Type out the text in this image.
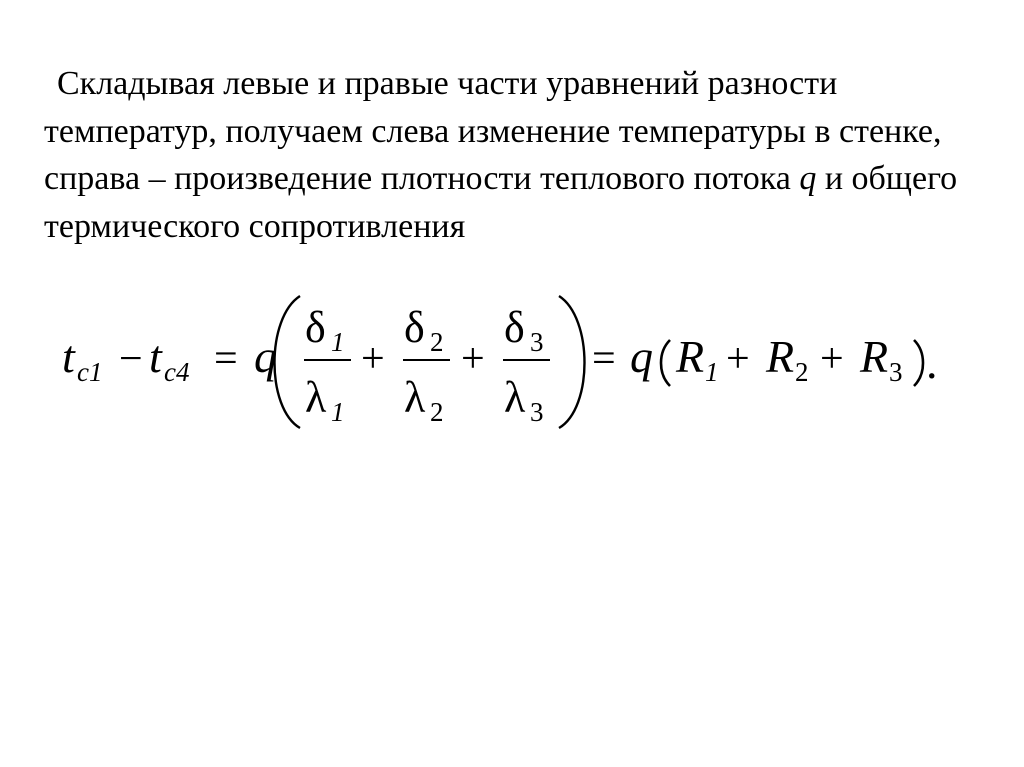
Складывая левые и правые части уравнений разности температур, получаем слева изменение температуры в стенке, справа – произведение плотности теплового потока q и общего термического сопротивления

t c1 − t c4 = q
δ 1
λ 1
+
δ 2
λ 2
+
δ 3
λ 3
= q R 1 + R 2 + R 3 .
